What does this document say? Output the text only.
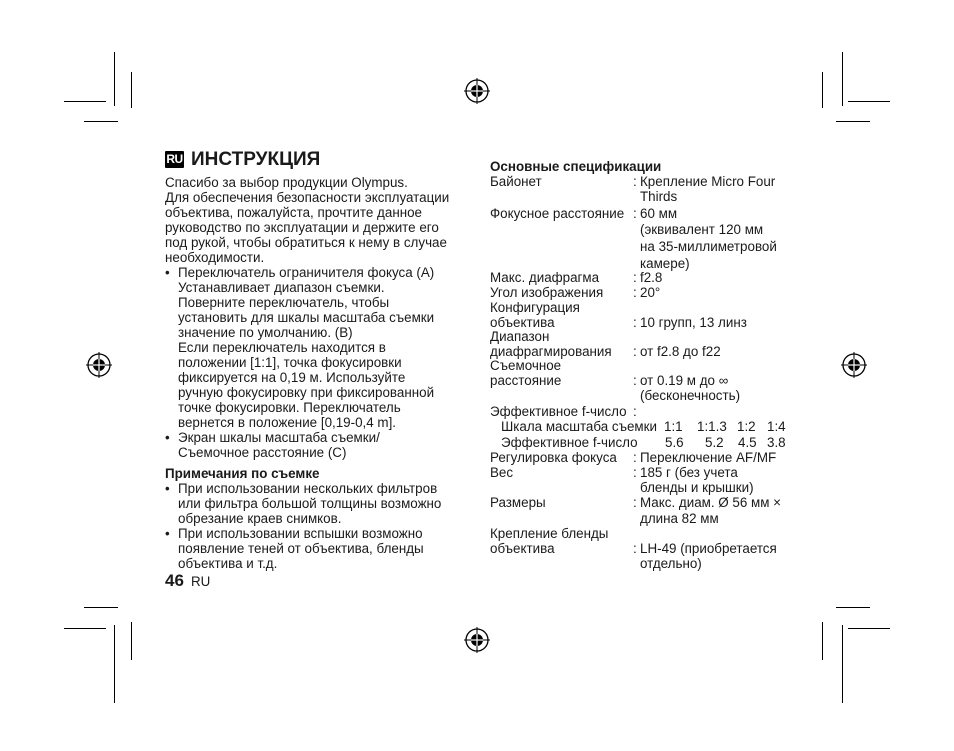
RU ИНСТРУКЦИЯ
Спасибо за выбор продукции Olympus.
Для обеспечения безопасности эксплуатации
объектива, пожалуйста, прочтите данное
руководство по эксплуатации и держите его
под рукой, чтобы обратиться к нему в случае
необходимости.
• Переключатель ограничителя фокуса (A)
Устанавливает диапазон съемки.
Поверните переключатель, чтобы
установить для шкалы масштаба съемки
значение по умолчанию. (B)
Если переключатель находится в
положении [1:1], точка фокусировки
фиксируется на 0,19 м. Используйте
ручную фокусировку при фиксированной
точке фокусировки. Переключатель
вернется в положение [0,19-0,4 m].
• Экран шкалы масштаба съемки/
Съемочное расстояние (C)
Примечания по съемке
• При использовании нескольких фильтров
или фильтра большой толщины возможно
обрезание краев снимков.
• При использовании вспышки возможно
появление теней от объектива, бленды
объектива и т.д.
46 RU
Основные спецификации
Байонет	: Крепление Micro Four
Thirds
Фокусное расстояние : 60 мм
(эквивалент 120 мм
на 35-миллиметровой
камере)
Макс. диафрагма	: f2.8
Угол изображения : 20°
Конфигурация
объектива	: 10 групп, 13 линз
Диапазон
диафрагмирования : от f2.8 до f22
Съемочное
расстояние	: от 0.19 м до ∞
(бесконечность)
Эффективное f-число :
Шкала масштаба съемки 1:1 1:1.3 1:2 1:4
Эффективное f-число 5.6 5.2 4.5 3.8
Регулировка фокуса : Переключение AF/MF
Вес	: 185 г (без учета
бленды и крышки)
Размеры	: Макс. диам. Ø 56 мм ×
длина 82 мм
Крепление бленды
объектива	: LH-49 (приобретается
отдельно)
